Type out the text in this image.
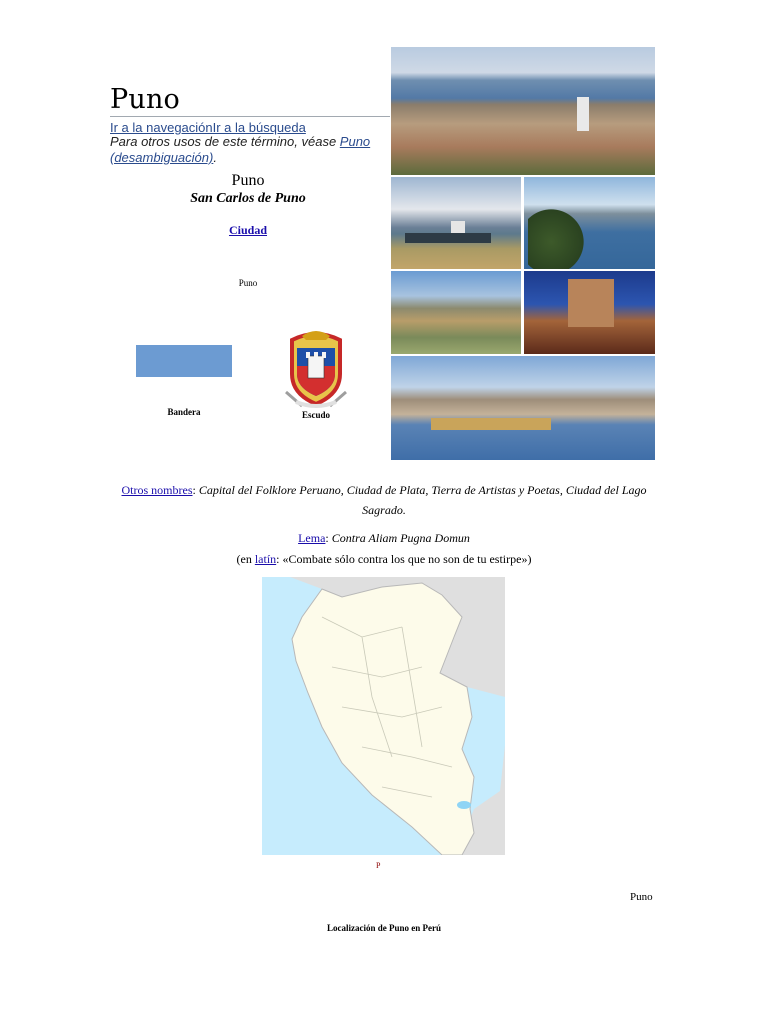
Puno
Ir a la navegaciónIr a la búsqueda
Para otros usos de este término, véase Puno (desambiguación).
Puno
San Carlos de Puno
Ciudad
Puno
Bandera	Escudo
Otros nombres: Capital del Folklore Peruano, Ciudad de Plata, Tierra de Artistas y Poetas, Ciudad del Lago Sagrado.
Lema: Contra Aliam Pugna Domun
(en latín: «Combate sólo contra los que no son de tu estirpe»)
P
Puno
Localización de Puno en Perú
